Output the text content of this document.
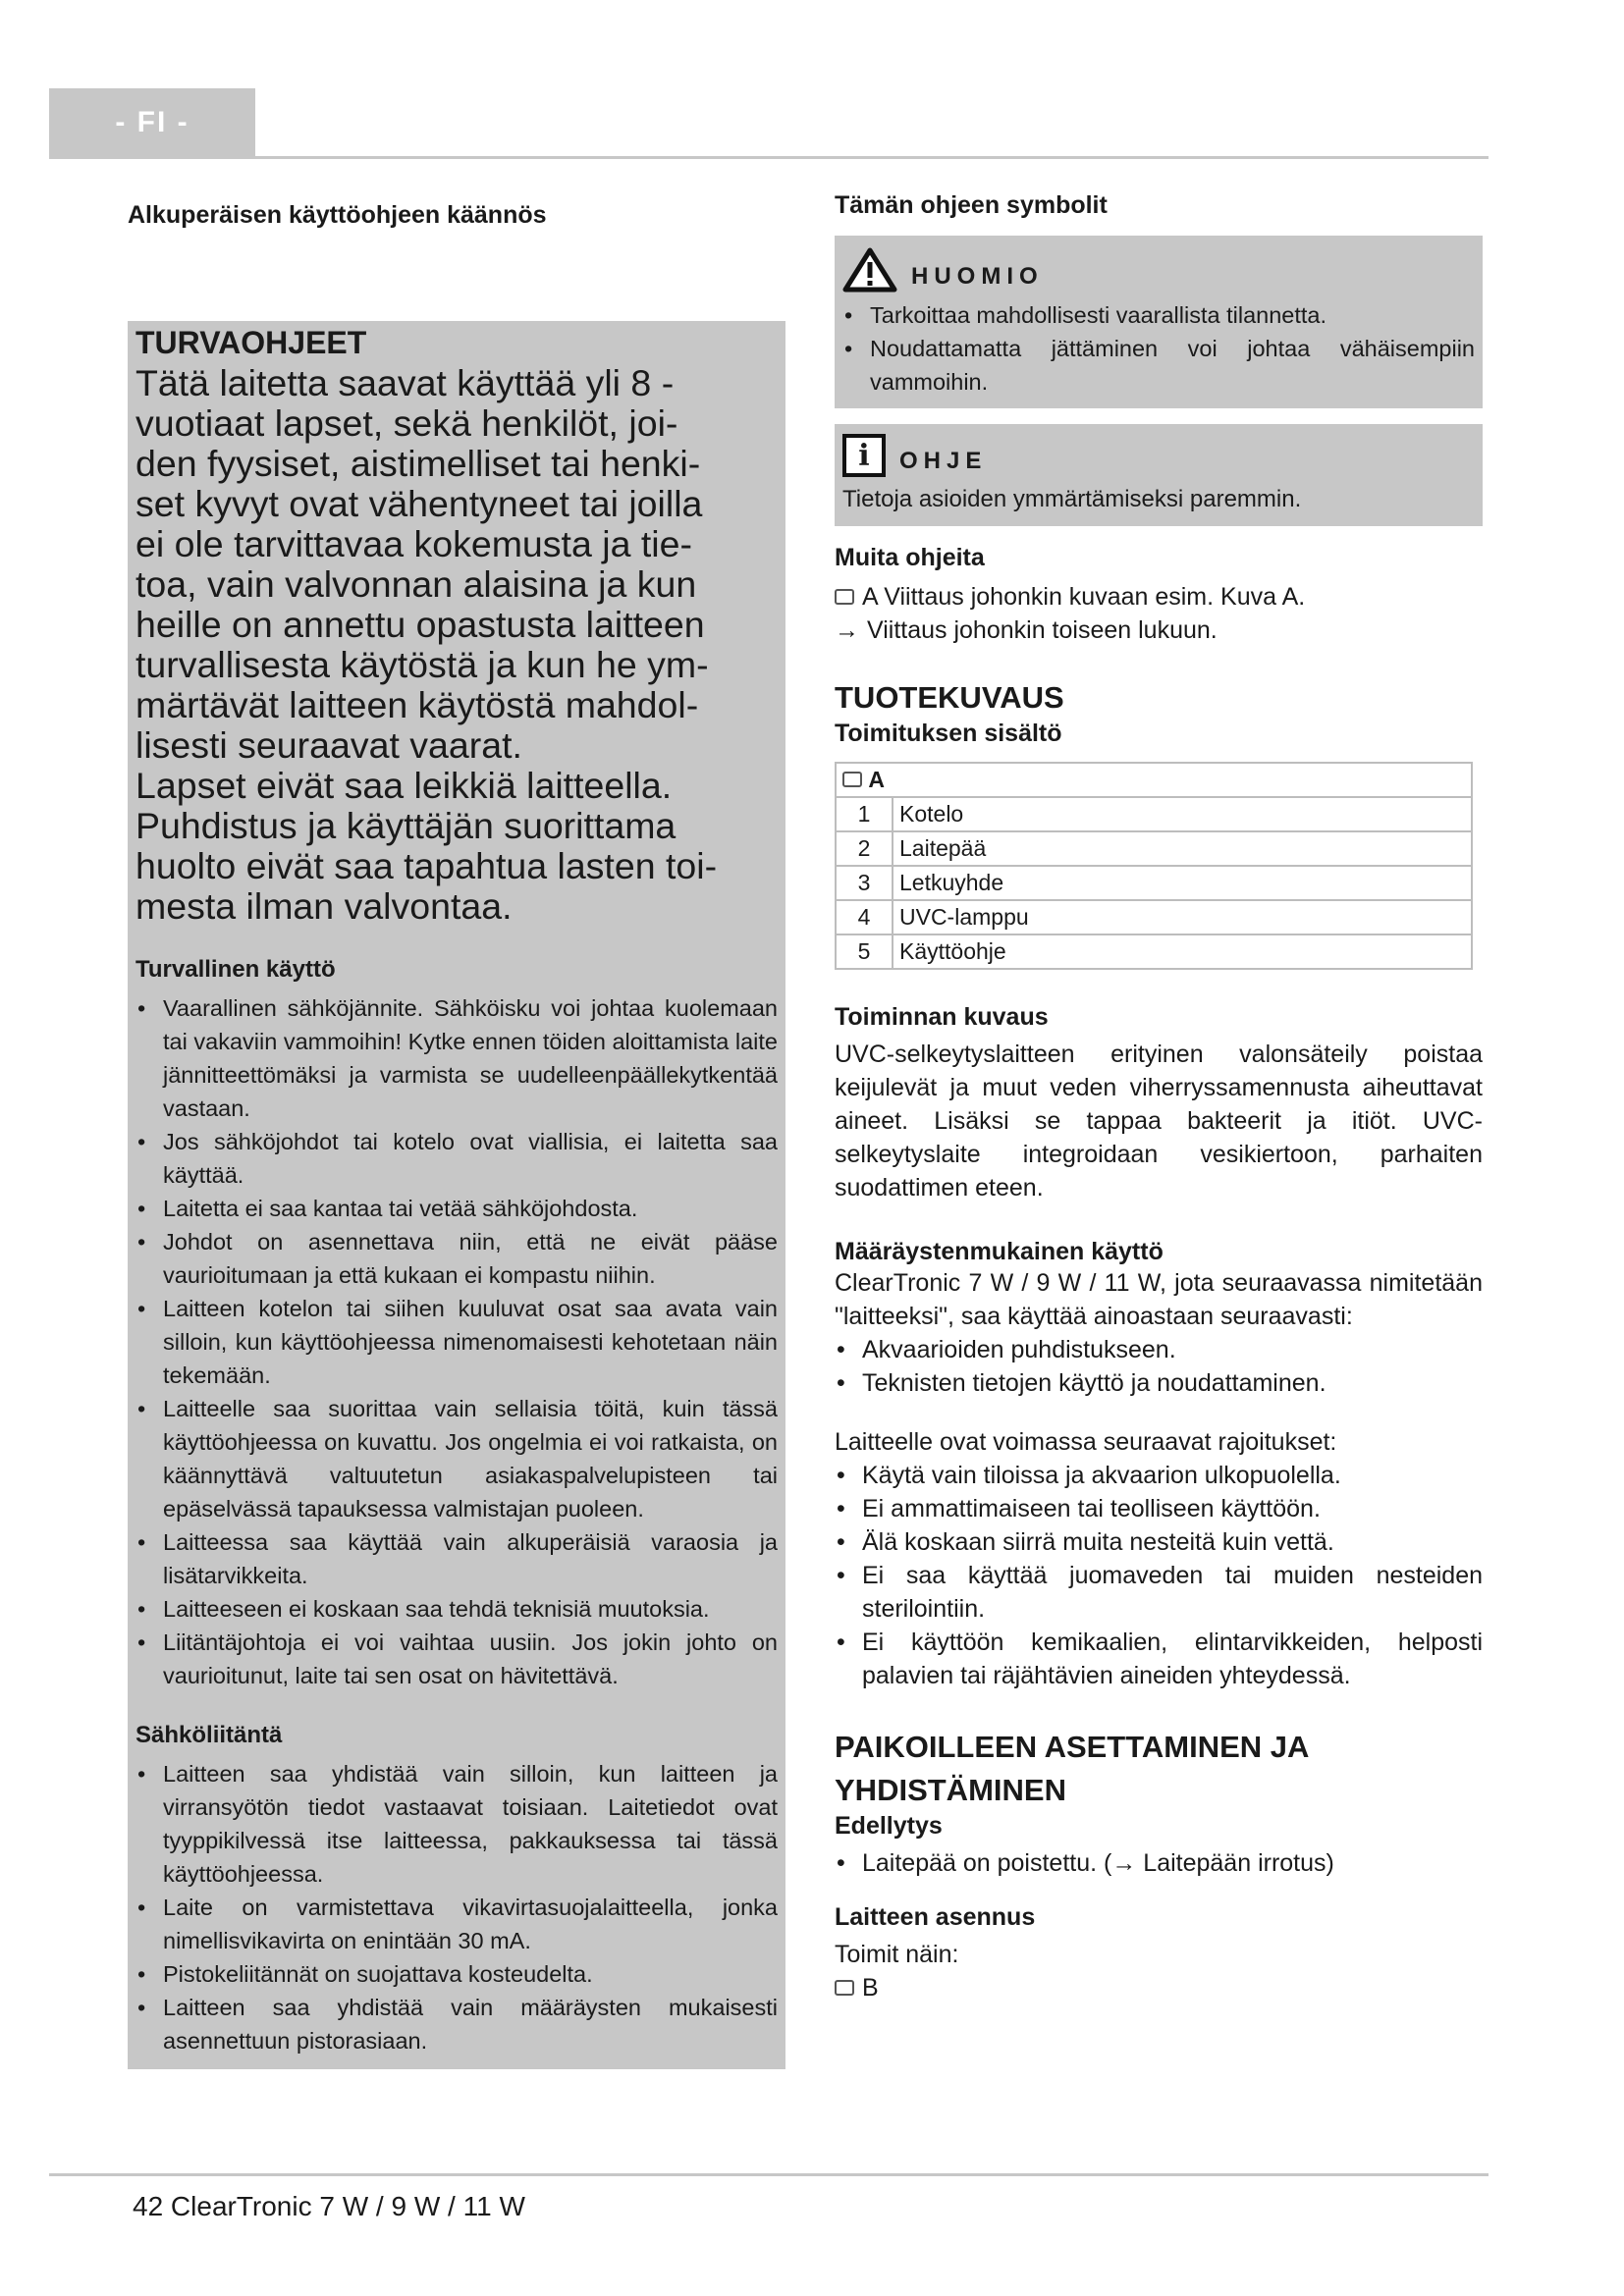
- FI -

Alkuperäisen käyttöohjeen käännös

TURVAOHJEET

Tätä laitetta saavat käyttää yli 8 -
vuotiaat lapset, sekä henkilöt, joi-
den fyysiset, aistimelliset tai henki-
set kyvyt ovat vähentyneet tai joilla
ei ole tarvittavaa kokemusta ja tie-
toa, vain valvonnan alaisina ja kun
heille on annettu opastusta laitteen
turvallisesta käytöstä ja kun he ym-
märtävät laitteen käytöstä mahdol-
lisesti seuraavat vaarat.
Lapset eivät saa leikkiä laitteella.
Puhdistus ja käyttäjän suorittama
huolto eivät saa tapahtua lasten toi-
mesta ilman valvontaa.

Turvallinen käyttö

• Vaarallinen sähköjännite. Sähköisku voi johtaa kuolemaan tai vakaviin vammoihin! Kytke ennen töiden aloittamista laite jännitteettömäksi ja varmista se uudelleenpäällekytkentää vastaan.
• Jos sähköjohdot tai kotelo ovat viallisia, ei laitetta saa käyttää.
• Laitetta ei saa kantaa tai vetää sähköjohdosta.
• Johdot on asennettava niin, että ne eivät pääse vaurioitumaan ja että kukaan ei kompastu niihin.
• Laitteen kotelon tai siihen kuuluvat osat saa avata vain silloin, kun käyttöohjeessa nimenomaisesti kehotetaan näin tekemään.
• Laitteelle saa suorittaa vain sellaisia töitä, kuin tässä käyttöohjeessa on kuvattu. Jos ongelmia ei voi ratkaista, on käännyttävä valtuutetun asiakaspalvelupisteen tai epäselvässä tapauksessa valmistajan puoleen.
• Laitteessa saa käyttää vain alkuperäisiä varaosia ja lisätarvikkeita.
• Laitteeseen ei koskaan saa tehdä teknisiä muutoksia.
• Liitäntäjohtoja ei voi vaihtaa uusiin. Jos jokin johto on vaurioitunut, laite tai sen osat on hävitettävä.

Sähköliitäntä

• Laitteen saa yhdistää vain silloin, kun laitteen ja virransyötön tiedot vastaavat toisiaan. Laitetiedot ovat tyyppikilvessä itse laitteessa, pakkauksessa tai tässä käyttöohjeessa.
• Laite on varmistettava vikavirtasuojalaitteella, jonka nimellisvikavirta on enintään 30 mA.
• Pistokeliitännät on suojattava kosteudelta.
• Laitteen saa yhdistää vain määräysten mukaisesti asennettuun pistorasiaan.

Tämän ohjeen symbolit

HUOMIO
• Tarkoittaa mahdollisesti vaarallista tilannetta.
• Noudattamatta jättäminen voi johtaa vähäisempiin vammoihin.
i	OHJE

Tietoja asioiden ymmärtämiseksi paremmin.

Muita ohjeita

A Viittaus johonkin kuvaan esim. Kuva A.
→ Viittaus johonkin toiseen lukuun.

TUOTEKUVAUS

Toimituksen sisältö

A	
1	Kotelo
2	Laitepää
3	Letkuyhde
4	UVC-lamppu
5	Käyttöohje

Toiminnan kuvaus

UVC-selkeytyslaitteen erityinen valonsäteily poistaa keijulevät ja muut veden viherryssamennusta aiheuttavat aineet. Lisäksi se tappaa bakteerit ja itiöt. UVC-selkeytyslaite integroidaan vesikiertoon, parhaiten suodattimen eteen.

Määräystenmukainen käyttö

ClearTronic 7 W / 9 W / 11 W, jota seuraavassa nimitetään "laitteeksi", saa käyttää ainoastaan seuraavasti:

• Akvaarioiden puhdistukseen.
• Teknisten tietojen käyttö ja noudattaminen.

Laitteelle ovat voimassa seuraavat rajoitukset:

• Käytä vain tiloissa ja akvaarion ulkopuolella.
• Ei ammattimaiseen tai teolliseen käyttöön.
• Älä koskaan siirrä muita nesteitä kuin vettä.
• Ei saa käyttää juomaveden tai muiden nesteiden sterilointiin.
• Ei käyttöön kemikaalien, elintarvikkeiden, helposti palavien tai räjähtävien aineiden yhteydessä.

PAIKOILLEEN ASETTAMINEN JA

YHDISTÄMINEN

Edellytys

• Laitepää on poistettu. (→ Laitepään irrotus)

Laitteen asennus

Toimit näin:

B
42 ClearTronic 7 W / 9 W / 11 W
